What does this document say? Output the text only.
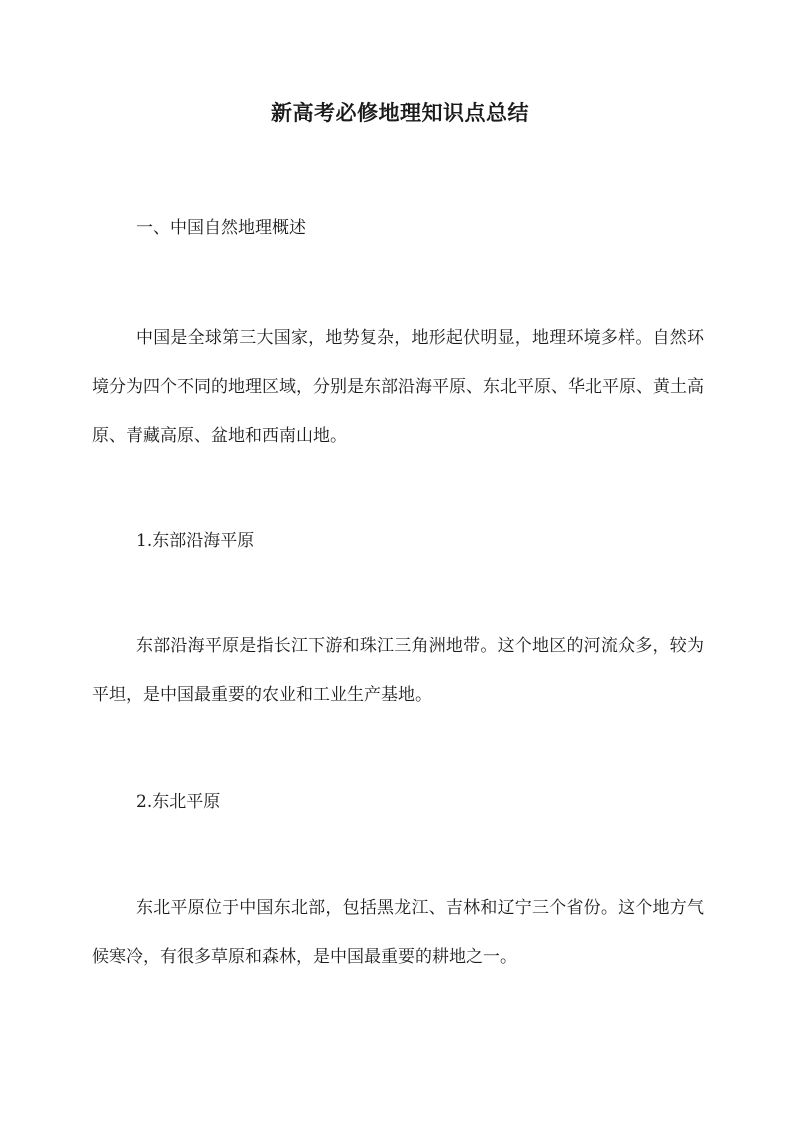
新高考必修地理知识点总结
一、中国自然地理概述
中国是全球第三大国家，地势复杂，地形起伏明显，地理环境多样。自然环境分为四个不同的地理区域，分别是东部沿海平原、东北平原、华北平原、黄土高原、青藏高原、盆地和西南山地。
1.东部沿海平原
东部沿海平原是指长江下游和珠江三角洲地带。这个地区的河流众多，较为平坦，是中国最重要的农业和工业生产基地。
2.东北平原
东北平原位于中国东北部，包括黑龙江、吉林和辽宁三个省份。这个地方气候寒冷，有很多草原和森林，是中国最重要的耕地之一。
